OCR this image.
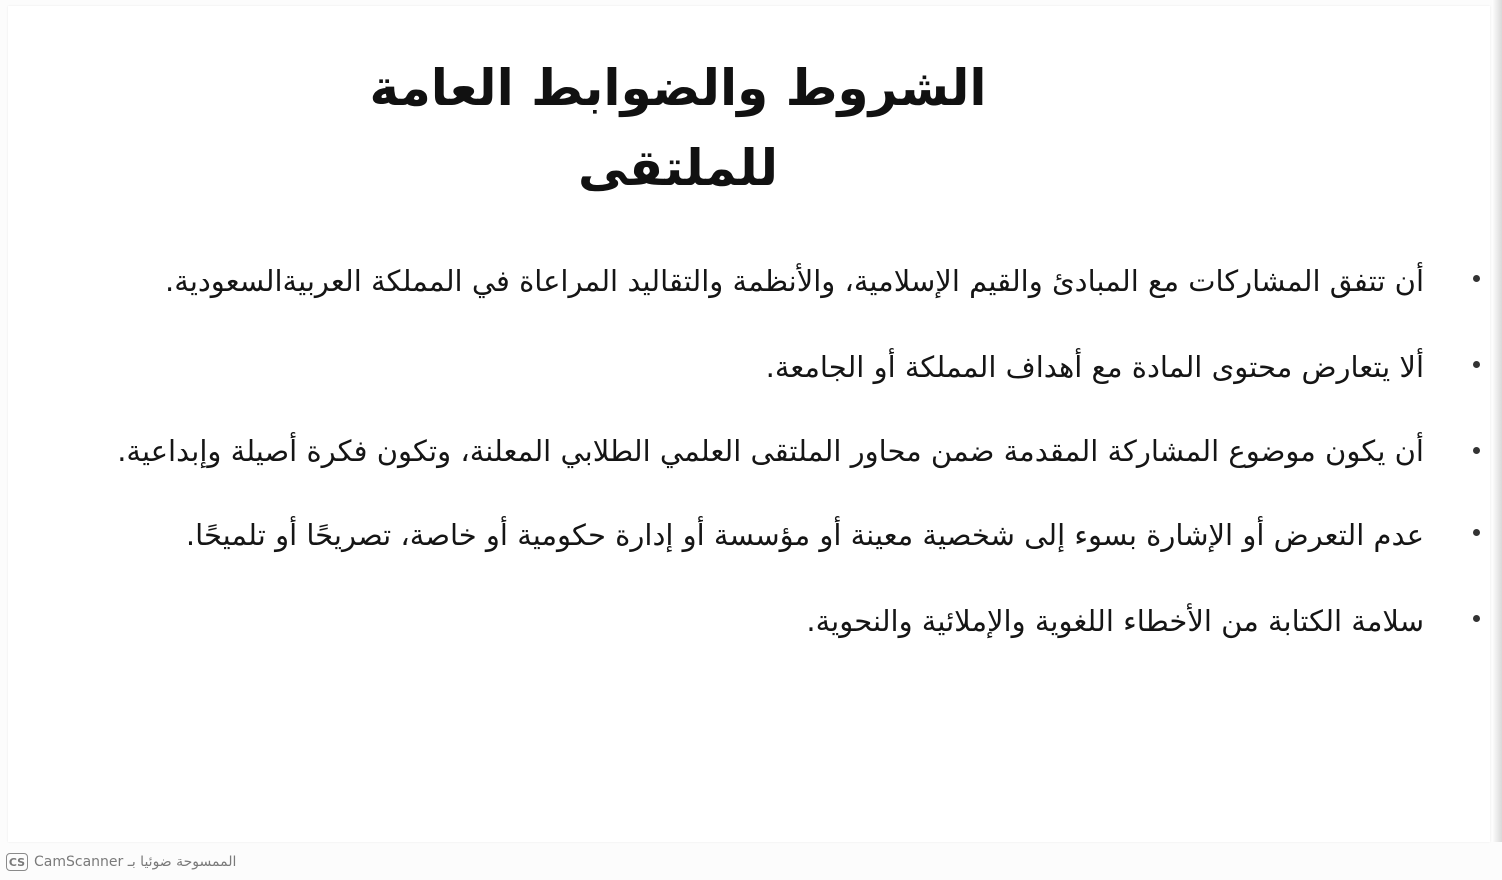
الشروط والضوابط العامة للملتقى
أن تتفق المشاركات مع المبادئ والقيم الإسلامية، والأنظمة والتقاليد المراعاة في المملكة العربيةالسعودية.
ألا يتعارض محتوى المادة مع أهداف المملكة أو الجامعة.
أن يكون موضوع المشاركة المقدمة ضمن محاور الملتقى العلمي الطلابي المعلنة، وتكون فكرة أصيلة وإبداعية.
عدم التعرض أو الإشارة بسوء إلى شخصية معينة أو مؤسسة أو إدارة حكومية أو خاصة، تصريحًا أو تلميحًا.
سلامة الكتابة من الأخطاء اللغوية والإملائية والنحوية.
CS CamScanner الممسوحة ضوئيا بـ
